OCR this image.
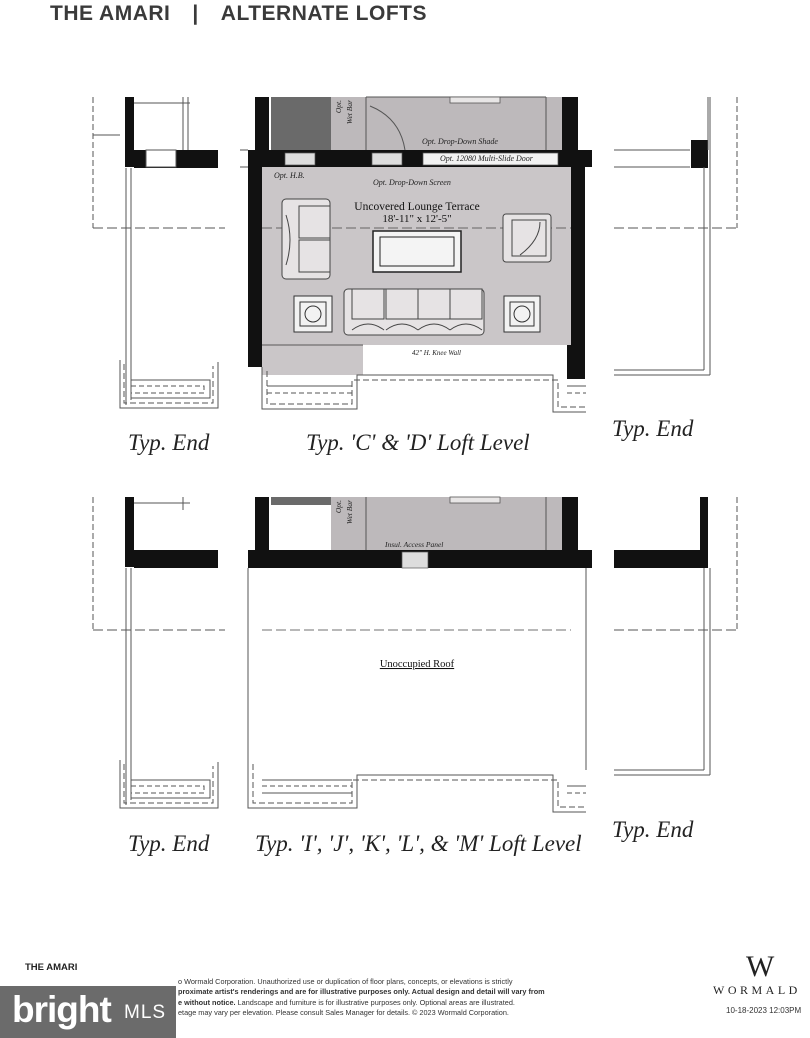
THE AMARI | ALTERNATE LOFTS
Opt. Wet Bar
Opt. Drop-Down Shade
Opt. 12080 Multi-Slide Door
Opt. H.B.
Opt. Drop-Down Screen
Uncovered Lounge Terrace
18'-11" x 12'-5"
42" H. Knee Wall
Opt. Wet Bar
Insul. Access Panel
Unoccupied Roof
Typ. End	Typ. 'C' & 'D' Loft Level
Typ. End
Typ. End Typ. 'I', 'J', 'K', 'L', & 'M' Loft Level
Typ. End
THE AMARI
o Wormald Corporation. Unauthorized use or duplication of floor plans, concepts, or elevations is strictly
proximate artist's renderings and are for illustrative purposes only. Actual design and detail will vary from
e without notice. Landscape and furniture is for illustrative purposes only. Optional areas are illustrated.
etage may vary per elevation. Please consult Sales Manager for details. © 2023 Wormald Corporation.
W
WORMALD
10-18-2023 12:03PM
bright MLS
